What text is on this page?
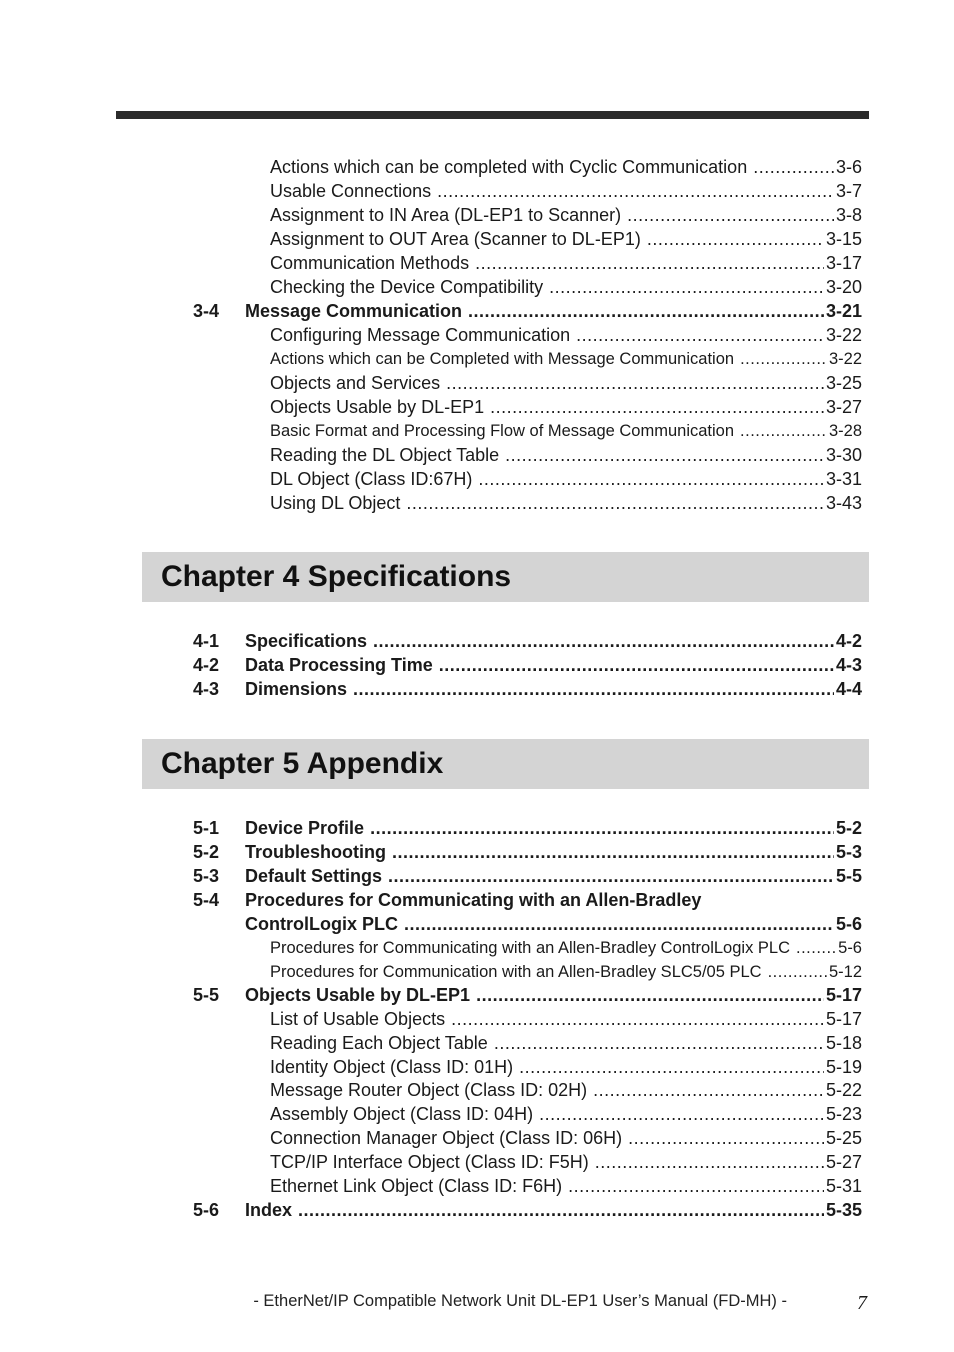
Actions which can be completed with Cyclic Communication .....	3-6
Usable Connections .....	3-7
Assignment to IN Area (DL-EP1 to Scanner) .....	3-8
Assignment to OUT Area (Scanner to DL-EP1) .....	3-15
Communication Methods .....	3-17
Checking the Device Compatibility .....	3-20
3-4 Message Communication .....	3-21
Configuring Message Communication .....	3-22
Actions which can be Completed with Message Communication .....	3-22
Objects and Services .....	3-25
Objects Usable by DL-EP1 .....	3-27
Basic Format and Processing Flow of Message Communication .....	3-28
Reading the DL Object Table .....	3-30
DL Object (Class ID:67H) .....	3-31
Using DL Object .....	3-43
Chapter 4 Specifications
4-1 Specifications .....	4-2
4-2 Data Processing Time .....	4-3
4-3 Dimensions .....	4-4
Chapter 5 Appendix
5-1 Device Profile .....	5-2
5-2 Troubleshooting .....	5-3
5-3 Default Settings .....	5-5
5-4 Procedures for Communicating with an Allen-Bradley
ControlLogix PLC .....	5-6
Procedures for Communicating with an Allen-Bradley ControlLogix PLC .....	5-6
Procedures for Communication with an Allen-Bradley SLC5/05 PLC .....	5-12
5-5 Objects Usable by DL-EP1 .....	5-17
List of Usable Objects .....	5-17
Reading Each Object Table .....	5-18
Identity Object (Class ID: 01H) .....	5-19
Message Router Object (Class ID: 02H) .....	5-22
Assembly Object (Class ID: 04H) .....	5-23
Connection Manager Object (Class ID: 06H) .....	5-25
TCP/IP Interface Object (Class ID: F5H) .....	5-27
Ethernet Link Object (Class ID: F6H) .....	5-31
5-6 Index .....	5-35
- EtherNet/IP Compatible Network Unit DL-EP1 User’s Manual (FD-MH) -	7
